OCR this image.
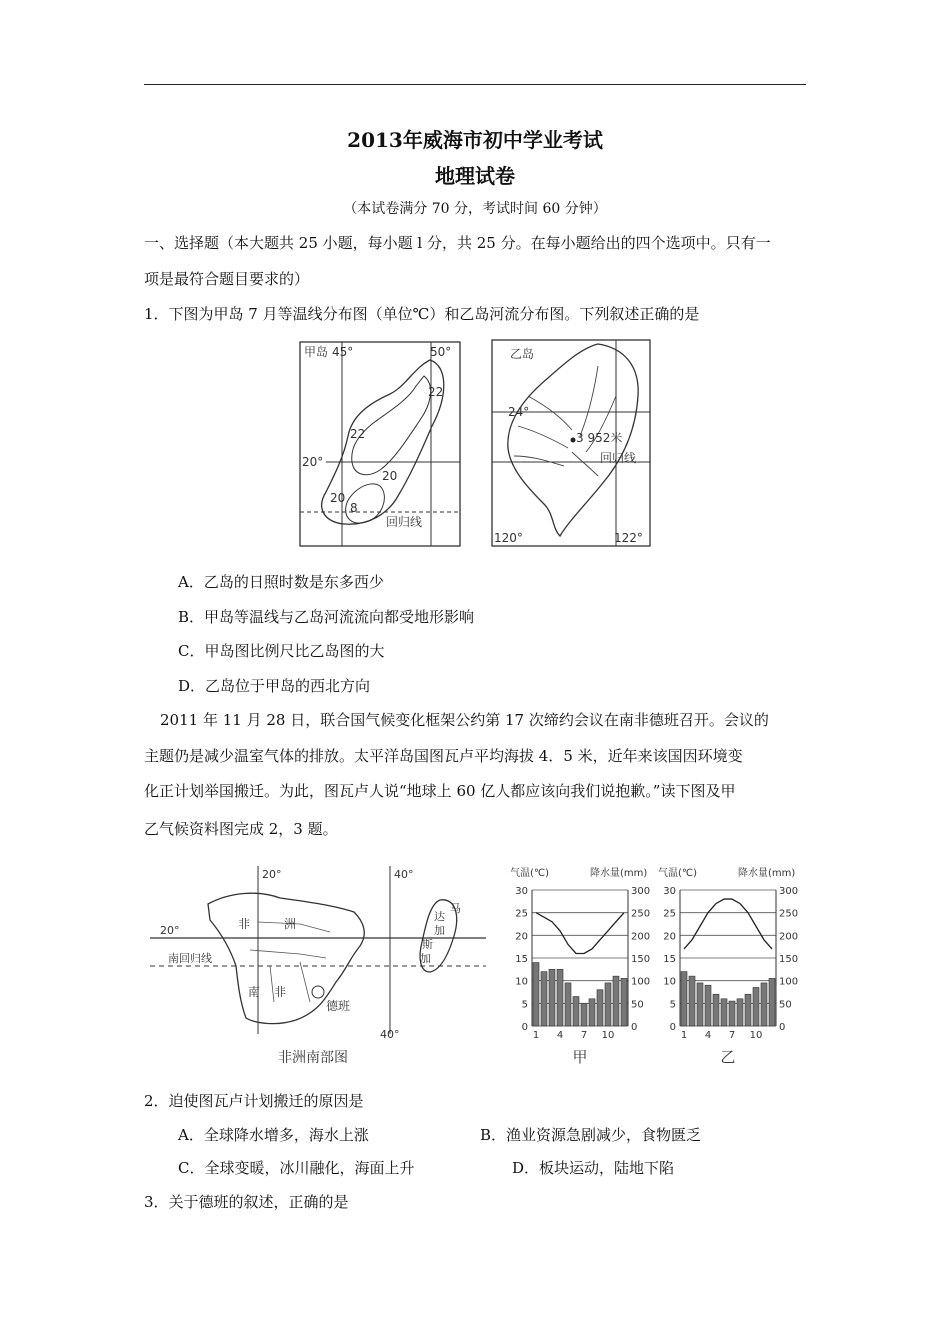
2013年威海市初中学业考试
地理试卷
（本试卷满分 70 分，考试时间 60 分钟）
一、选择题（本大题共 25 小题，每小题 l 分，共 25 分。在每小题给出的四个选项中。只有一
项是最符合题目要求的）
1．下图为甲岛 7 月等温线分布图（单位℃）和乙岛河流分布图。下列叙述正确的是
甲岛 45°	50°
20°
回归线
22
22
20
20
8
乙岛
24°
3 952米
回归线
120°	122°
A．乙岛的日照时数是东多西少
B．甲岛等温线与乙岛河流流向都受地形影响
C．甲岛图比例尺比乙岛图的大
D．乙岛位于甲岛的西北方向
2011 年 11 月 28 日，联合国气候变化框架公约第 17 次缔约会议在南非德班召开。会议的
主题仍是减少温室气体的排放。太平洋岛国图瓦卢平均海拔 4．5 米，近年来该国因环境变
化正计划举国搬迁。为此，图瓦卢人说“地球上 60 亿人都应该向我们说抱歉。”读下图及甲
乙气候资料图完成 2，3 题。
20°	40°
40°
20°
南回归线
非	洲
南 非
德班
马
达
加
斯
加
非洲南部图
气温(℃)	降水量(mm)
30	300
25	250
20	200
15	150
10	100
5	50
0	0
1 4 7 10
甲
气温(℃)	降水量(mm)
30	300
25	250
20	200
15	150
10	100
5	50
0	0
1 4 7 10
乙
2．迫使图瓦卢计划搬迁的原因是
A．全球降水增多，海水上涨	B．渔业资源急剧减少，食物匮乏
C．全球变暖，冰川融化，海面上升	D．板块运动，陆地下陷
3．关于德班的叙述，正确的是
